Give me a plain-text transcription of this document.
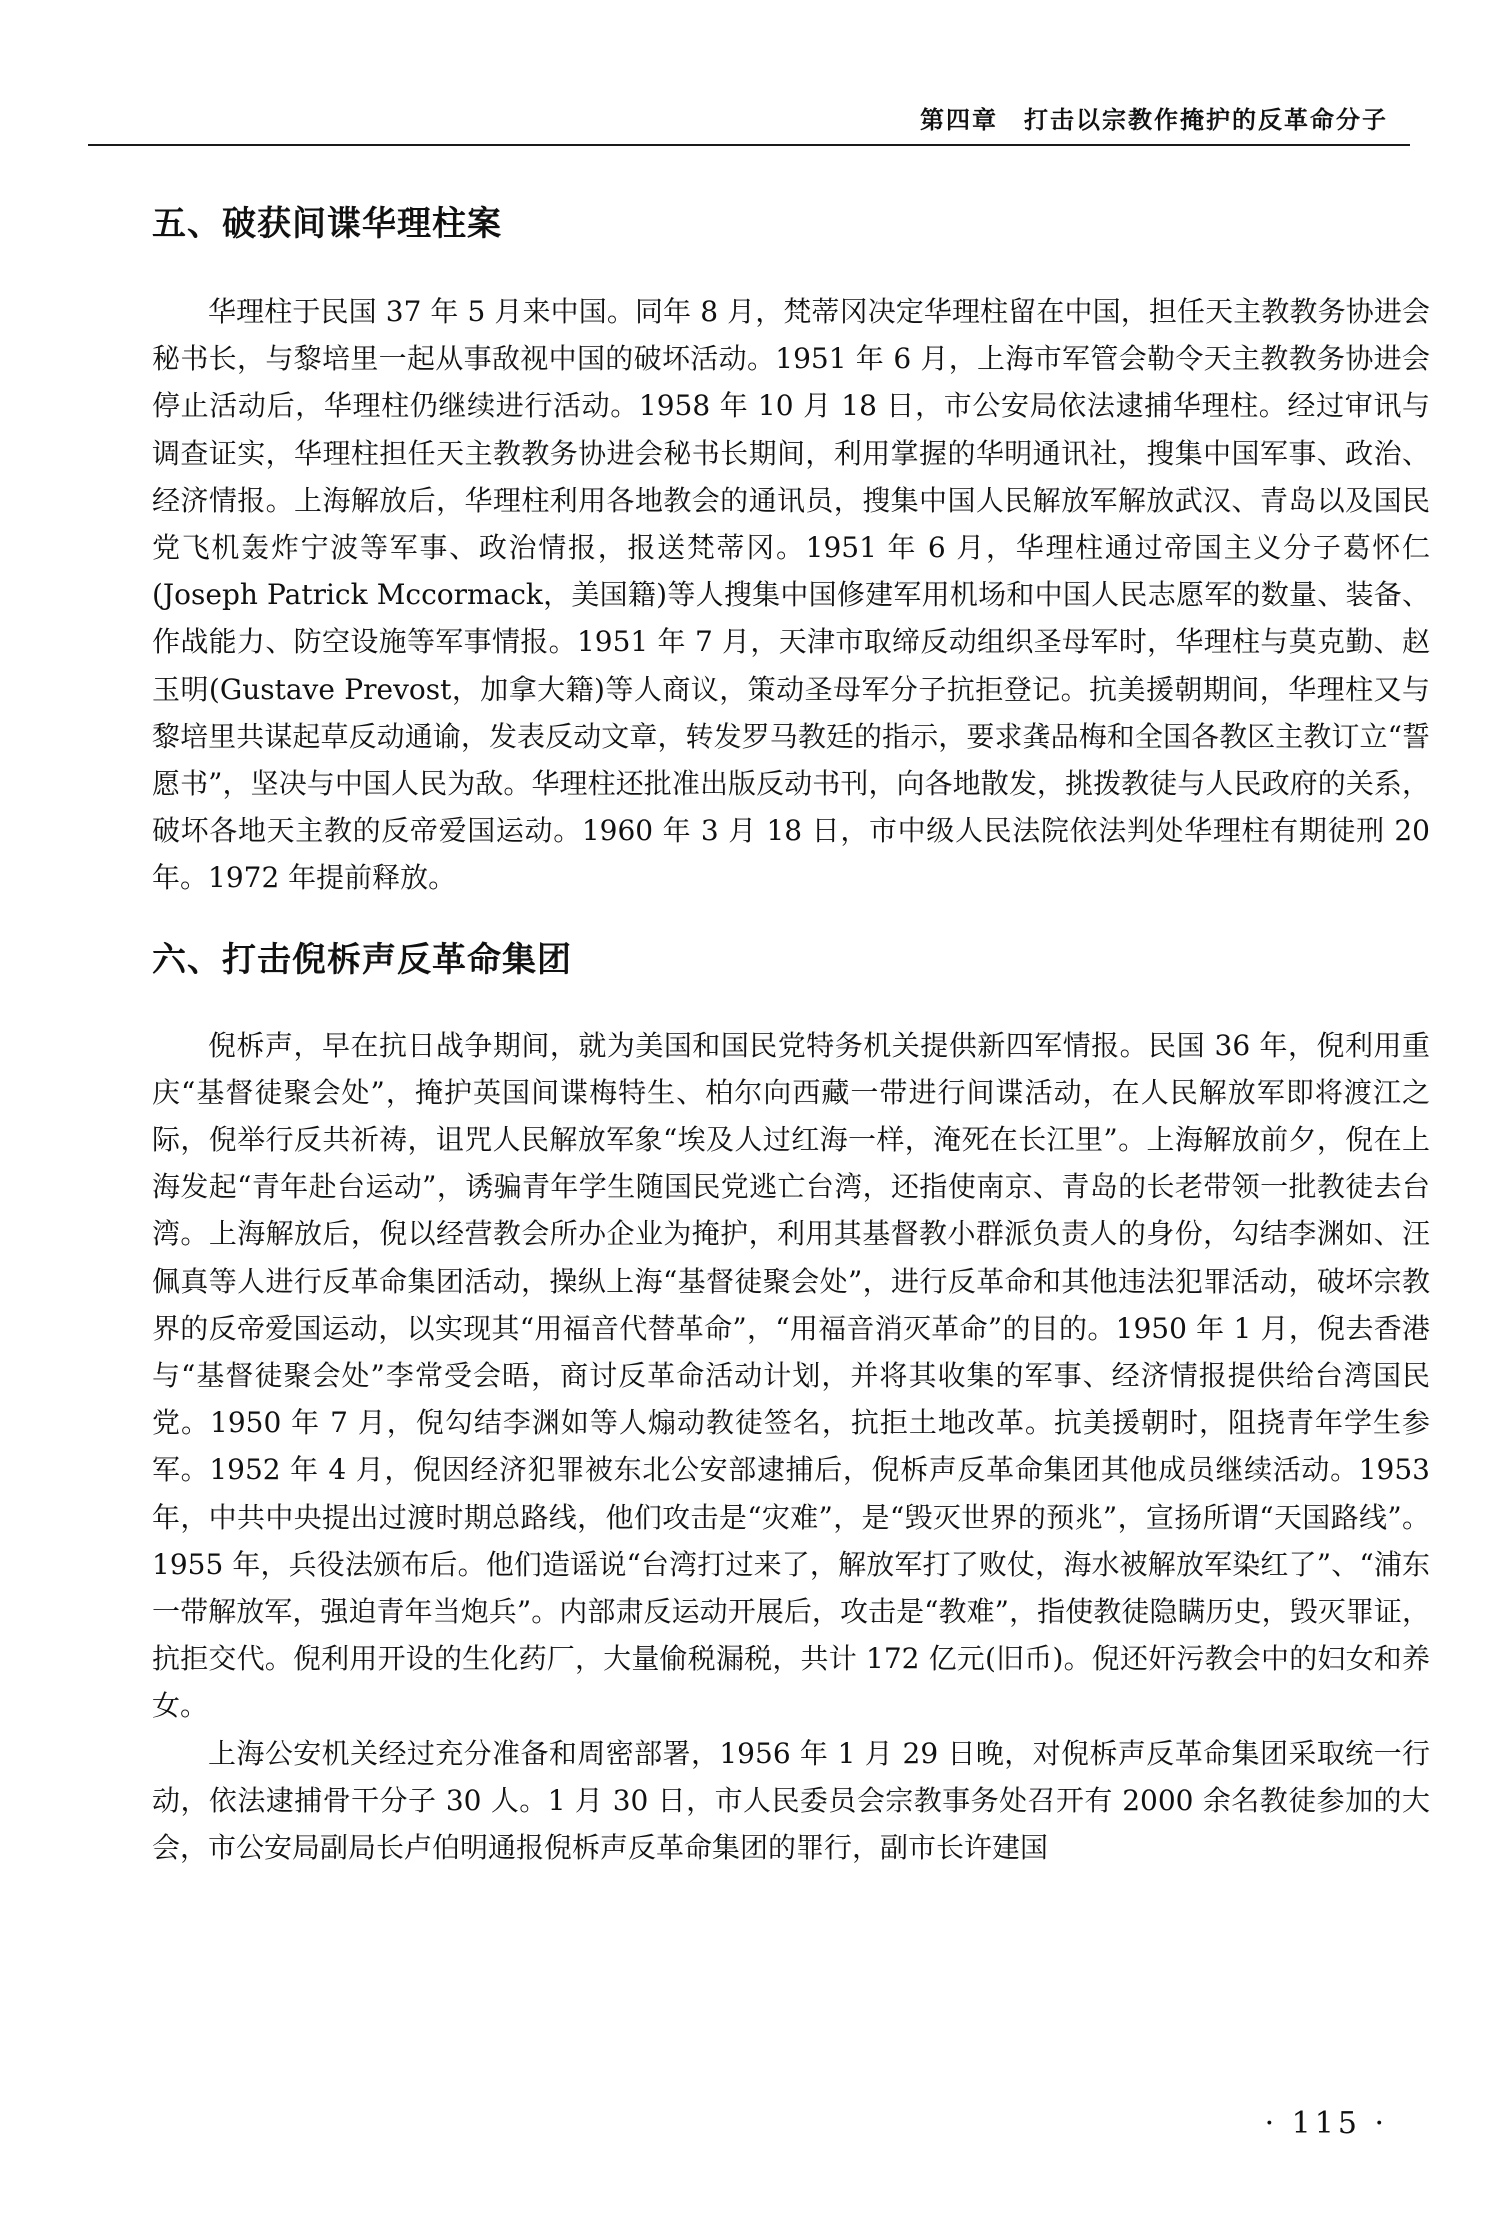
第四章　打击以宗教作掩护的反革命分子
五、破获间谍华理柱案

华理柱于民国 37 年 5 月来中国。同年 8 月，梵蒂冈决定华理柱留在中国，担任天主教教务协进会秘书长，与黎培里一起从事敌视中国的破坏活动。1951 年 6 月，上海市军管会勒令天主教教务协进会停止活动后，华理柱仍继续进行活动。1958 年 10 月 18 日，市公安局依法逮捕华理柱。经过审讯与调查证实，华理柱担任天主教教务协进会秘书长期间，利用掌握的华明通讯社，搜集中国军事、政治、经济情报。上海解放后，华理柱利用各地教会的通讯员，搜集中国人民解放军解放武汉、青岛以及国民党飞机轰炸宁波等军事、政治情报，报送梵蒂冈。1951 年 6 月，华理柱通过帝国主义分子葛怀仁(Joseph Patrick Mccormack，美国籍)等人搜集中国修建军用机场和中国人民志愿军的数量、装备、作战能力、防空设施等军事情报。1951 年 7 月，天津市取缔反动组织圣母军时，华理柱与莫克勤、赵玉明(Gustave Prevost，加拿大籍)等人商议，策动圣母军分子抗拒登记。抗美援朝期间，华理柱又与黎培里共谋起草反动通谕，发表反动文章，转发罗马教廷的指示，要求龚品梅和全国各教区主教订立“誓愿书”，坚决与中国人民为敌。华理柱还批准出版反动书刊，向各地散发，挑拨教徒与人民政府的关系，破坏各地天主教的反帝爱国运动。1960 年 3 月 18 日，市中级人民法院依法判处华理柱有期徒刑 20 年。1972 年提前释放。

六、打击倪柝声反革命集团

倪柝声，早在抗日战争期间，就为美国和国民党特务机关提供新四军情报。民国 36 年，倪利用重庆“基督徒聚会处”，掩护英国间谍梅特生、柏尔向西藏一带进行间谍活动，在人民解放军即将渡江之际，倪举行反共祈祷，诅咒人民解放军象“埃及人过红海一样，淹死在长江里”。上海解放前夕，倪在上海发起“青年赴台运动”，诱骗青年学生随国民党逃亡台湾，还指使南京、青岛的长老带领一批教徒去台湾。上海解放后，倪以经营教会所办企业为掩护，利用其基督教小群派负责人的身份，勾结李渊如、汪佩真等人进行反革命集团活动，操纵上海“基督徒聚会处”，进行反革命和其他违法犯罪活动，破坏宗教界的反帝爱国运动，以实现其“用福音代替革命”，“用福音消灭革命”的目的。1950 年 1 月，倪去香港与“基督徒聚会处”李常受会晤，商讨反革命活动计划，并将其收集的军事、经济情报提供给台湾国民党。1950 年 7 月，倪勾结李渊如等人煽动教徒签名，抗拒土地改革。抗美援朝时，阻挠青年学生参军。1952 年 4 月，倪因经济犯罪被东北公安部逮捕后，倪柝声反革命集团其他成员继续活动。1953 年，中共中央提出过渡时期总路线，他们攻击是“灾难”，是“毁灭世界的预兆”，宣扬所谓“天国路线”。1955 年，兵役法颁布后。他们造谣说“台湾打过来了，解放军打了败仗，海水被解放军染红了”、“浦东一带解放军，强迫青年当炮兵”。内部肃反运动开展后，攻击是“教难”，指使教徒隐瞒历史，毁灭罪证，抗拒交代。倪利用开设的生化药厂，大量偷税漏税，共计 172 亿元(旧币)。倪还奸污教会中的妇女和养女。

上海公安机关经过充分准备和周密部署，1956 年 1 月 29 日晚，对倪柝声反革命集团采取统一行动，依法逮捕骨干分子 30 人。1 月 30 日，市人民委员会宗教事务处召开有 2000 余名教徒参加的大会，市公安局副局长卢伯明通报倪柝声反革命集团的罪行，副市长许建国

· 115 ·
